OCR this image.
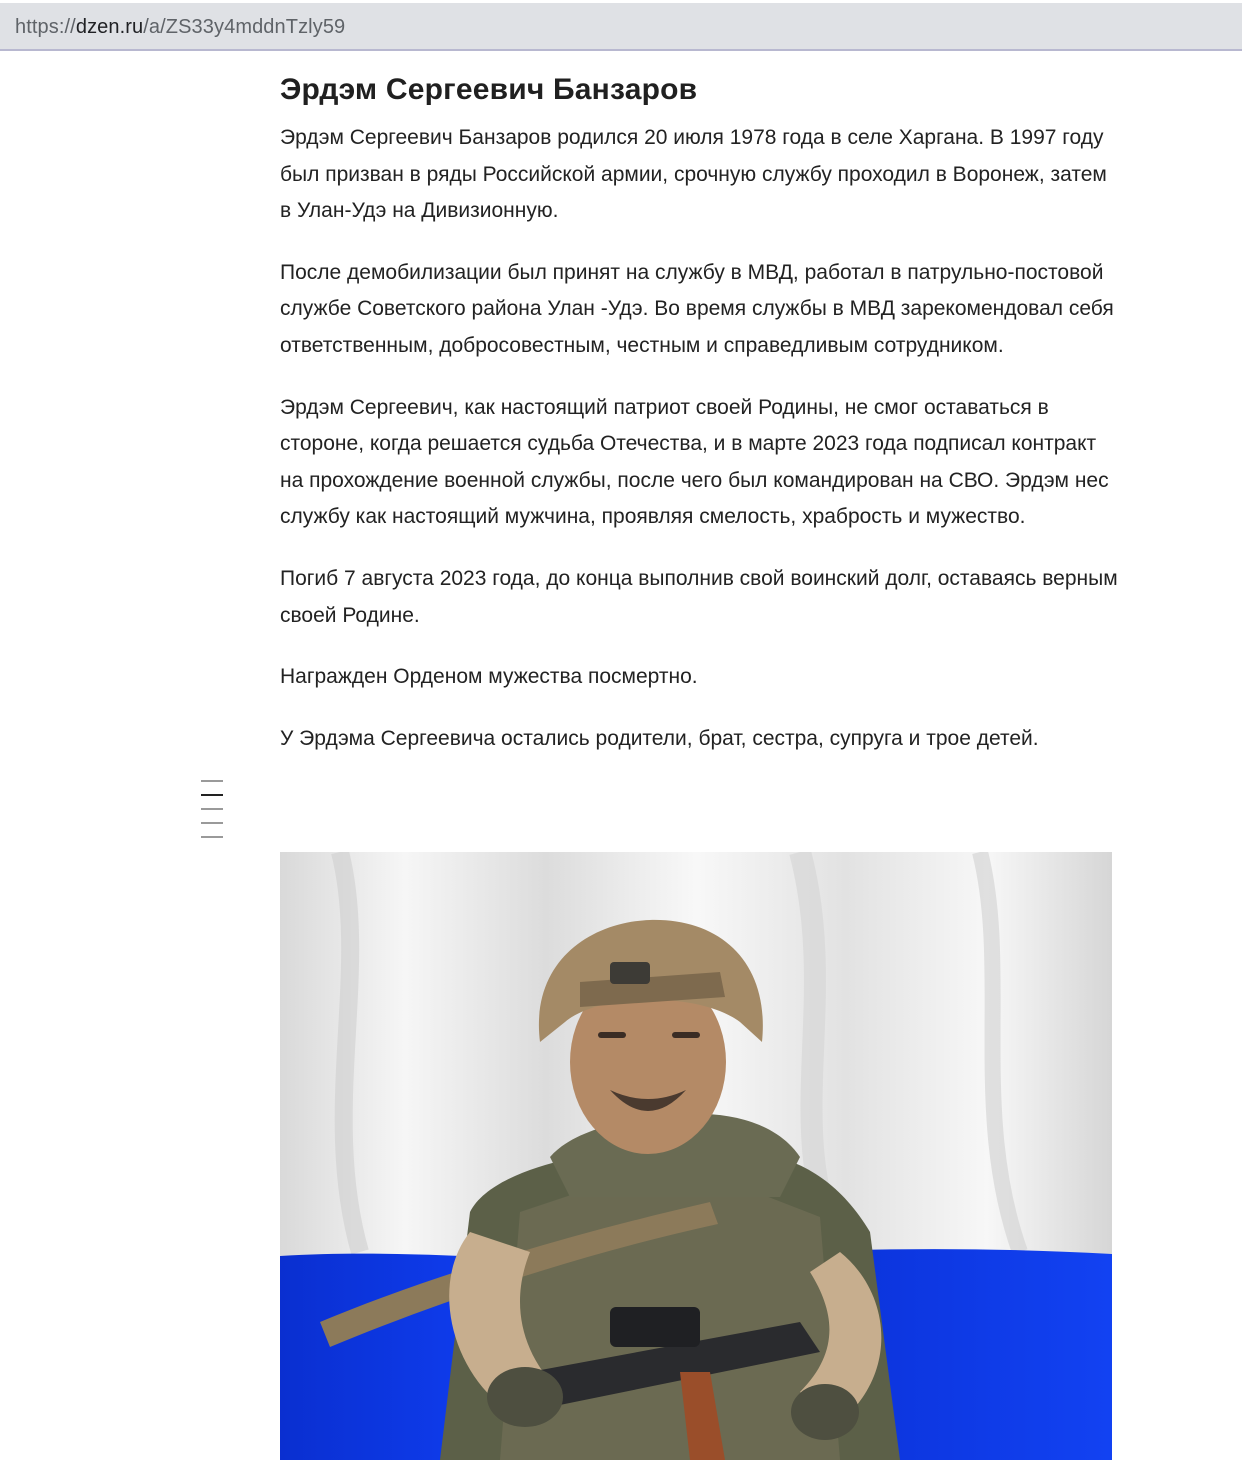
https://dzen.ru/a/ZS33y4mddnTzly59
Эрдэм Сергеевич Банзаров

Эрдэм Сергеевич Банзаров родился 20 июля 1978 года в селе Харгана. В 1997 году был призван в ряды Российской армии, срочную службу проходил в Воронеж, затем в Улан-Удэ на Дивизионную.

После демобилизации был принят на службу в МВД, работал в патрульно-постовой службе Советского района Улан -Удэ. Во время службы в МВД зарекомендовал себя ответственным, добросовестным, честным и справедливым сотрудником.

Эрдэм Сергеевич, как настоящий патриот своей Родины, не смог оставаться в стороне, когда решается судьба Отечества, и в марте 2023 года подписал контракт на прохождение военной службы, после чего был командирован на СВО. Эрдэм нес службу как настоящий мужчина, проявляя смелость, храбрость и мужество.

Погиб 7 августа 2023 года, до конца выполнив свой воинский долг, оставаясь верным своей Родине.

Награжден Орденом мужества посмертно.

У Эрдэма Сергеевича остались родители, брат, сестра, супруга и трое детей.
